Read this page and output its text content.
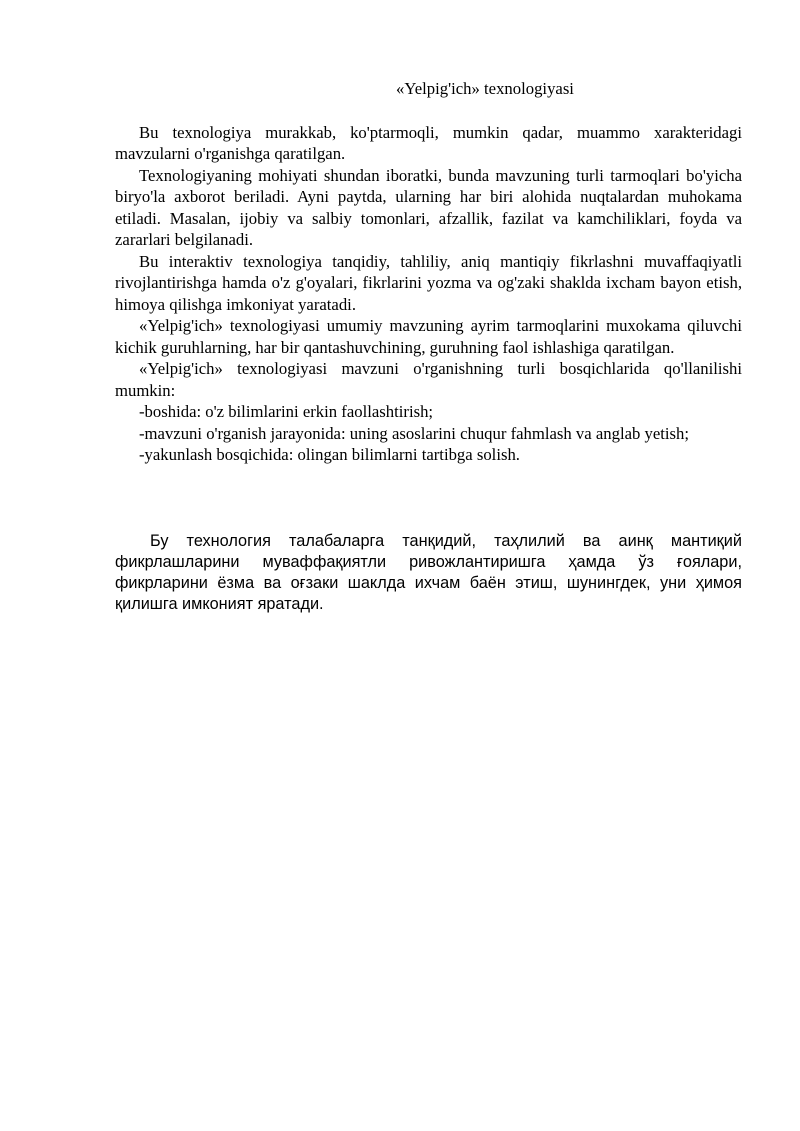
«Yelpig'ich» texnologiyasi

Bu texnologiya murakkab, ko'ptarmoqli, mumkin qadar, muammo xarakteridagi mavzularni o'rganishga qaratilgan.

Texnologiyaning mohiyati shundan iboratki, bunda mavzuning turli tarmoqlari bo'yicha biryo'la axborot beriladi. Ayni paytda, ularning har biri alohida nuqtalardan muhokama etiladi. Masalan, ijobiy va salbiy tomonlari, afzallik, fazilat va kamchiliklari, foyda va zararlari belgilanadi.

Bu interaktiv texnologiya tanqidiy, tahliliy, aniq mantiqiy fikrlashni muvaffaqiyatli rivojlantirishga hamda o'z g'oyalari, fikrlarini yozma va og'zaki shaklda ixcham bayon etish, himoya qilishga imkoniyat yaratadi.

«Yelpig'ich» texnologiyasi umumiy mavzuning ayrim tarmoqlarini muxokama qiluvchi kichik guruhlarning, har bir qantashuvchining, guruhning faol ishlashiga qaratilgan.

«Yelpig'ich» texnologiyasi mavzuni o'rganishning turli bosqichlarida qo'llanilishi mumkin:

-boshida: o'z bilimlarini erkin faollashtirish;

-mavzuni o'rganish jarayonida: uning asoslarini chuqur fahmlash va anglab yetish;

-yakunlash bosqichida: olingan bilimlarni tartibga solish.

Бу технология талабаларга танқидий, таҳлилий ва аинқ мантиқий фикрлашларини муваффақиятли ривожлантиришга ҳамда ўз ғоялари, фикрларини ёзма ва оғзаки шаклда ихчам баён этиш, шунингдек, уни ҳимоя қилишга имконият яратади.
